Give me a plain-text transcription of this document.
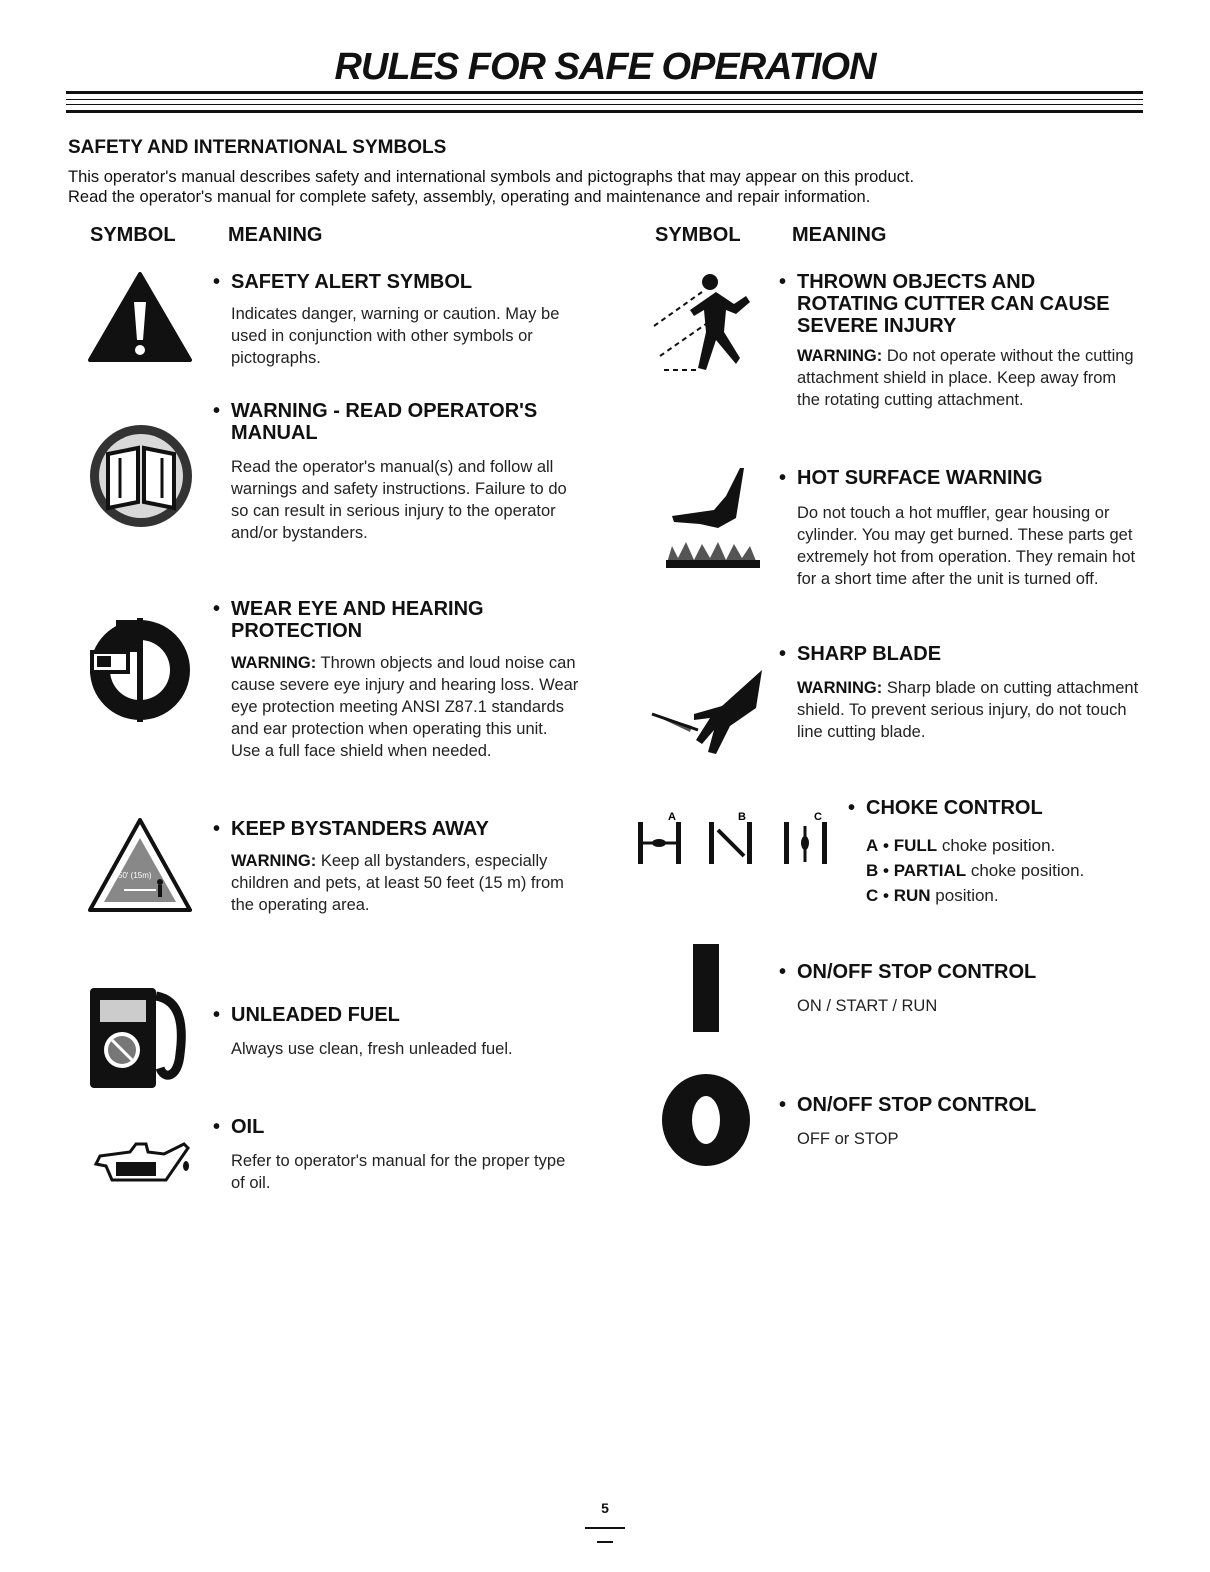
RULES FOR SAFE OPERATION
SAFETY AND INTERNATIONAL SYMBOLS
This operator's manual describes safety and international symbols and pictographs that may appear on this product.
Read the operator's manual for complete safety, assembly, operating and maintenance and repair information.
SYMBOL	MEANING	SYMBOL	MEANING
• SAFETY ALERT SYMBOL
Indicates danger, warning or caution. May be used in conjunction with other symbols or pictographs.
• WARNING - READ OPERATOR'S MANUAL
Read the operator's manual(s) and follow all warnings and safety instructions. Failure to do so can result in serious injury to the operator and/or bystanders.
• WEAR EYE AND HEARING PROTECTION
WARNING: Thrown objects and loud noise can cause severe eye injury and hearing loss. Wear eye protection meeting ANSI Z87.1 standards and ear protection when operating this unit. Use a full face shield when needed.
50' (15m)
• KEEP BYSTANDERS AWAY
WARNING: Keep all bystanders, especially children and pets, at least 50 feet (15 m) from the operating area.
• UNLEADED FUEL
Always use clean, fresh unleaded fuel.
• OIL
Refer to operator's manual for the proper type of oil.
• THROWN OBJECTS AND ROTATING CUTTER CAN CAUSE SEVERE INJURY
WARNING: Do not operate without the cutting attachment shield in place. Keep away from the rotating cutting attachment.
• HOT SURFACE WARNING
Do not touch a hot muffler, gear housing or cylinder. You may get burned. These parts get extremely hot from operation. They remain hot for a short time after the unit is turned off.
• SHARP BLADE
WARNING: Sharp blade on cutting attachment shield. To prevent serious injury, do not touch line cutting blade.
A	B	C • CHOKE CONTROL
A • FULL choke position.
B • PARTIAL choke position.
C • RUN position.
• ON/OFF STOP CONTROL
ON / START / RUN
• ON/OFF STOP CONTROL
OFF or STOP
5
